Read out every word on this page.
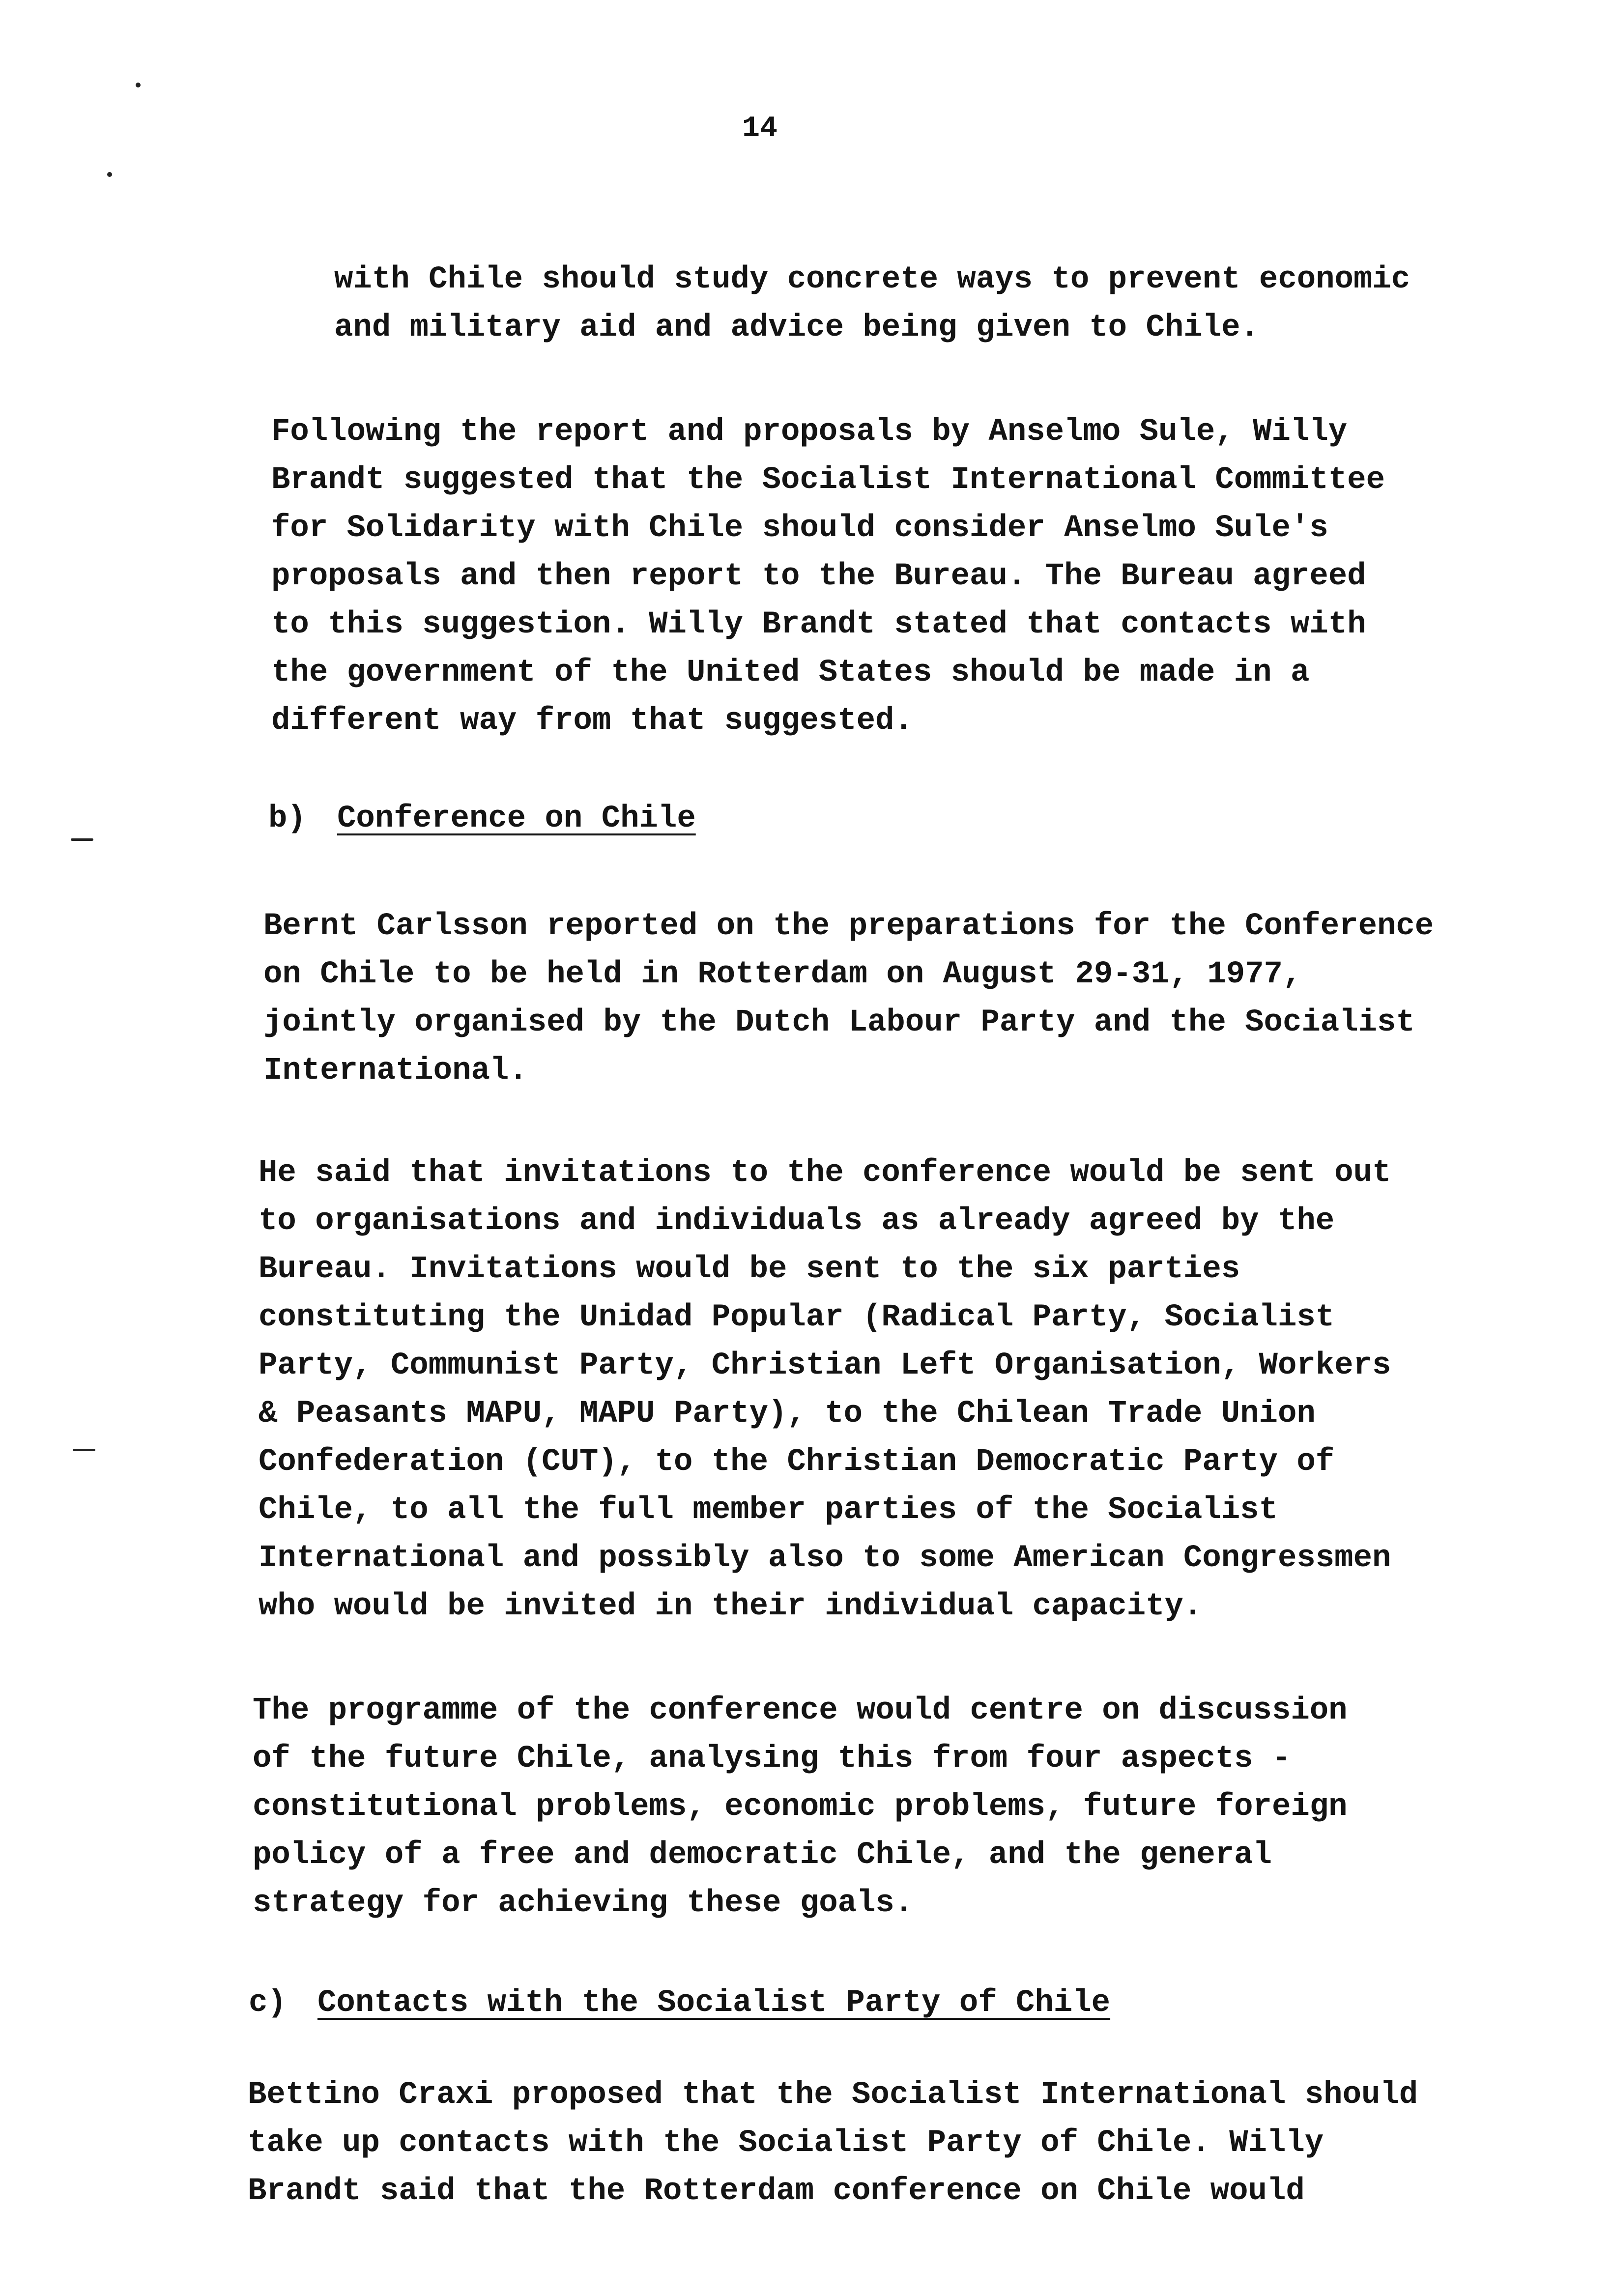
14
with Chile should study concrete ways to prevent economic
and military aid and advice being given to Chile.
Following the report and proposals by Anselmo Sule, Willy
Brandt suggested that the Socialist International Committee
for Solidarity with Chile should consider Anselmo Sule's
proposals and then report to the Bureau. The Bureau agreed
to this suggestion. Willy Brandt stated that contacts with
the government of the United States should be made in a
different way from that suggested.
b) Conference on Chile
Bernt Carlsson reported on the preparations for the Conference
on Chile to be held in Rotterdam on August 29-31, 1977,
jointly organised by the Dutch Labour Party and the Socialist
International.
He said that invitations to the conference would be sent out
to organisations and individuals as already agreed by the
Bureau. Invitations would be sent to the six parties
constituting the Unidad Popular (Radical Party, Socialist
Party, Communist Party, Christian Left Organisation, Workers
& Peasants MAPU, MAPU Party), to the Chilean Trade Union
Confederation (CUT), to the Christian Democratic Party of
Chile, to all the full member parties of the Socialist
International and possibly also to some American Congressmen
who would be invited in their individual capacity.
The programme of the conference would centre on discussion
of the future Chile, analysing this from four aspects -
constitutional problems, economic problems, future foreign
policy of a free and democratic Chile, and the general
strategy for achieving these goals.
c) Contacts with the Socialist Party of Chile
Bettino Craxi proposed that the Socialist International should
take up contacts with the Socialist Party of Chile. Willy
Brandt said that the Rotterdam conference on Chile would
